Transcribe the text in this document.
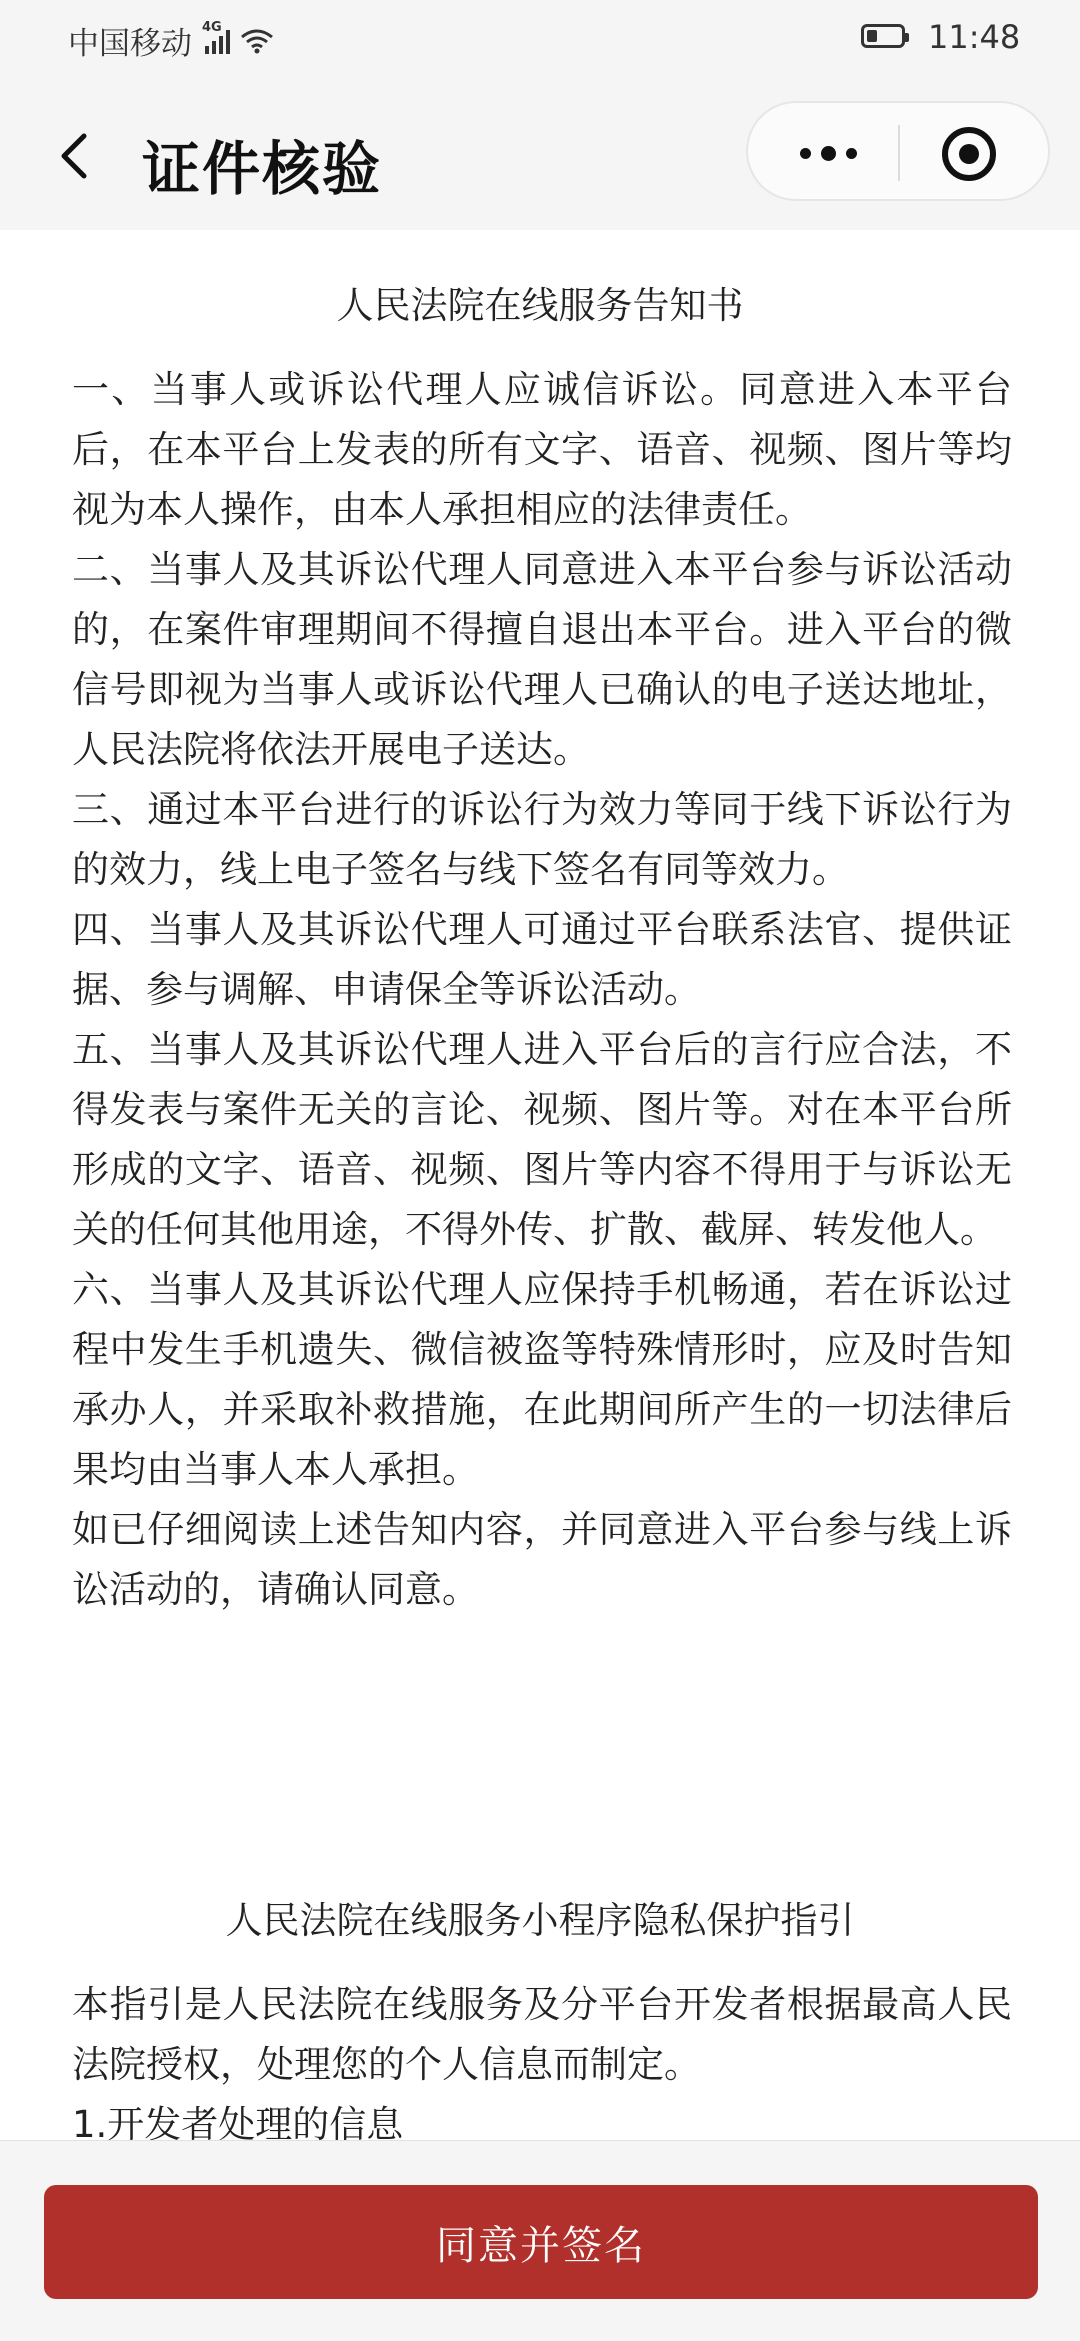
中国移动 4G	11:48
证件核验
人民法院在线服务告知书

一、当事人或诉讼代理人应诚信诉讼。同意进入本平台后，在本平台上发表的所有文字、语音、视频、图片等均视为本人操作，由本人承担相应的法律责任。

二、当事人及其诉讼代理人同意进入本平台参与诉讼活动的，在案件审理期间不得擅自退出本平台。进入平台的微信号即视为当事人或诉讼代理人已确认的电子送达地址，人民法院将依法开展电子送达。

三、通过本平台进行的诉讼行为效力等同于线下诉讼行为的效力，线上电子签名与线下签名有同等效力。

四、当事人及其诉讼代理人可通过平台联系法官、提供证据、参与调解、申请保全等诉讼活动。

五、当事人及其诉讼代理人进入平台后的言行应合法，不得发表与案件无关的言论、视频、图片等。对在本平台所形成的文字、语音、视频、图片等内容不得用于与诉讼无关的任何其他用途，不得外传、扩散、截屏、转发他人。

六、当事人及其诉讼代理人应保持手机畅通，若在诉讼过程中发生手机遗失、微信被盗等特殊情形时，应及时告知承办人，并采取补救措施，在此期间所产生的一切法律后果均由当事人本人承担。

如已仔细阅读上述告知内容，并同意进入平台参与线上诉讼活动的，请确认同意。

人民法院在线服务小程序隐私保护指引

本指引是人民法院在线服务及分平台开发者根据最高人民法院授权，处理您的个人信息而制定。

1.开发者处理的信息

同意并签名
